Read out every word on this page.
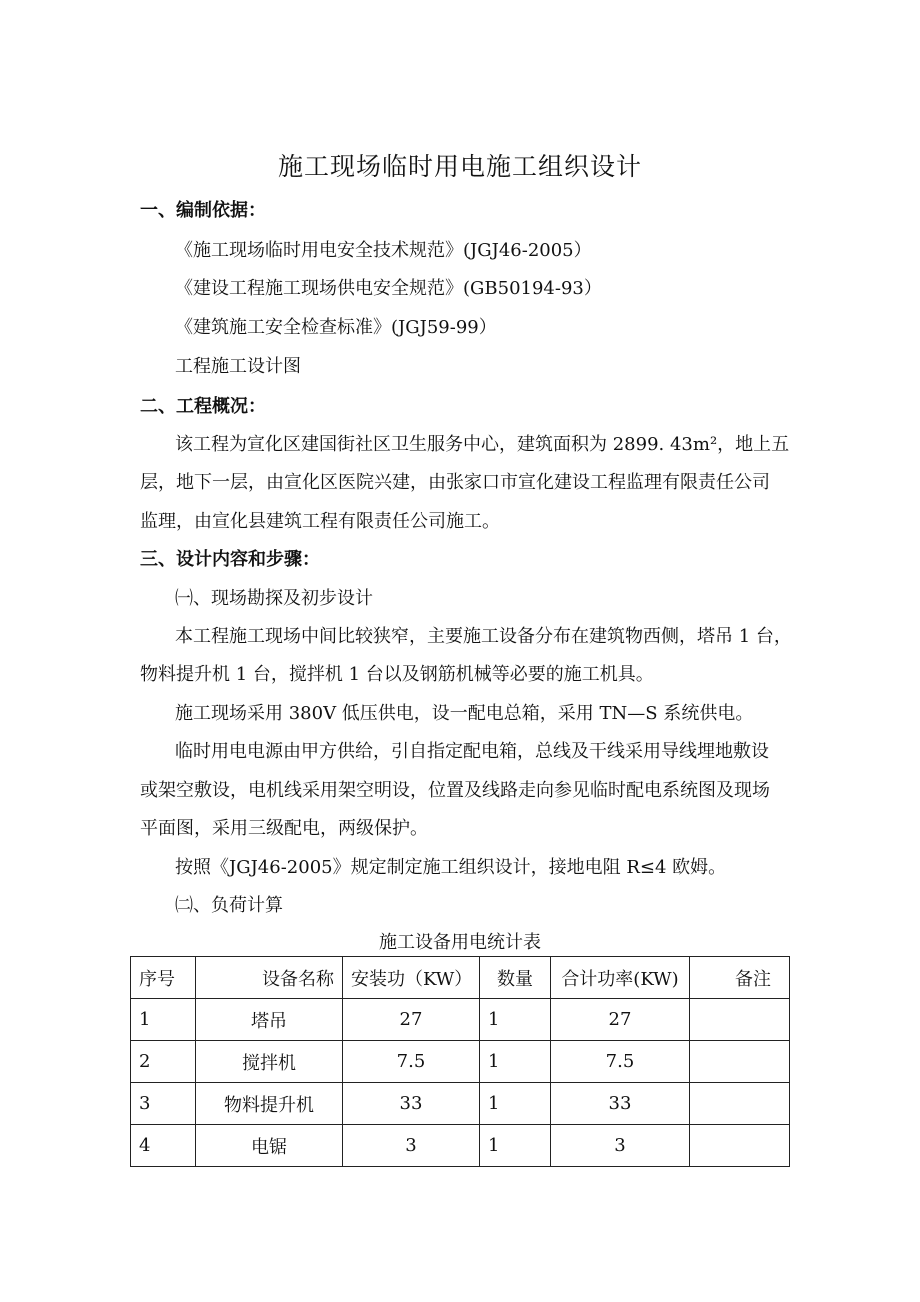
施工现场临时用电施工组织设计
一、编制依据：
《施工现场临时用电安全技术规范》(JGJ46-2005）
《建设工程施工现场供电安全规范》(GB50194-93）
《建筑施工安全检查标准》(JGJ59-99）
工程施工设计图
二、工程概况：
该工程为宣化区建国街社区卫生服务中心，建筑面积为 2899. 43m²，地上五
层，地下一层，由宣化区医院兴建，由张家口市宣化建设工程监理有限责任公司
监理，由宣化县建筑工程有限责任公司施工。
三、设计内容和步骤：
㈠、现场勘探及初步设计
本工程施工现场中间比较狭窄，主要施工设备分布在建筑物西侧，塔吊 1 台，
物料提升机 1 台，搅拌机 1 台以及钢筋机械等必要的施工机具。
施工现场采用 380V 低压供电，设一配电总箱，采用 TN—S 系统供电。
临时用电电源由甲方供给，引自指定配电箱，总线及干线采用导线埋地敷设
或架空敷设，电机线采用架空明设，位置及线路走向参见临时配电系统图及现场
平面图，采用三级配电，两级保护。
按照《JGJ46-2005》规定制定施工组织设计，接地电阻 R≤4 欧姆。
㈡、负荷计算
施工设备用电统计表
序号	设备名称	安装功（KW）	数量	合计功率(KW)	备注
1	塔吊	27	1	27	
2	搅拌机	7.5	1	7.5	
3	物料提升机	33	1	33	
4	电锯	3	1	3	
